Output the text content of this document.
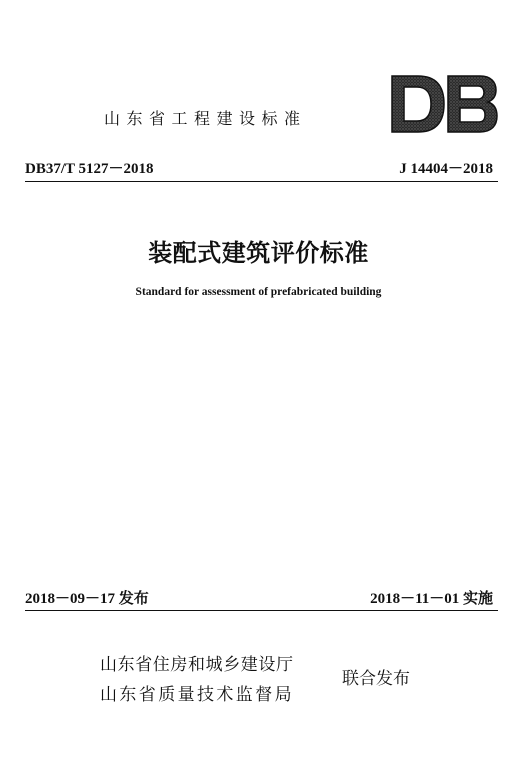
山东省工程建设标准
DB
DB37/T 5127－2018	J 14404－2018
装配式建筑评价标准
Standard for assessment of prefabricated building
2018－09－17 发布	2018－11－01 实施
山东省住房和城乡建设厅
山东省质量技术监督局
联合发布
